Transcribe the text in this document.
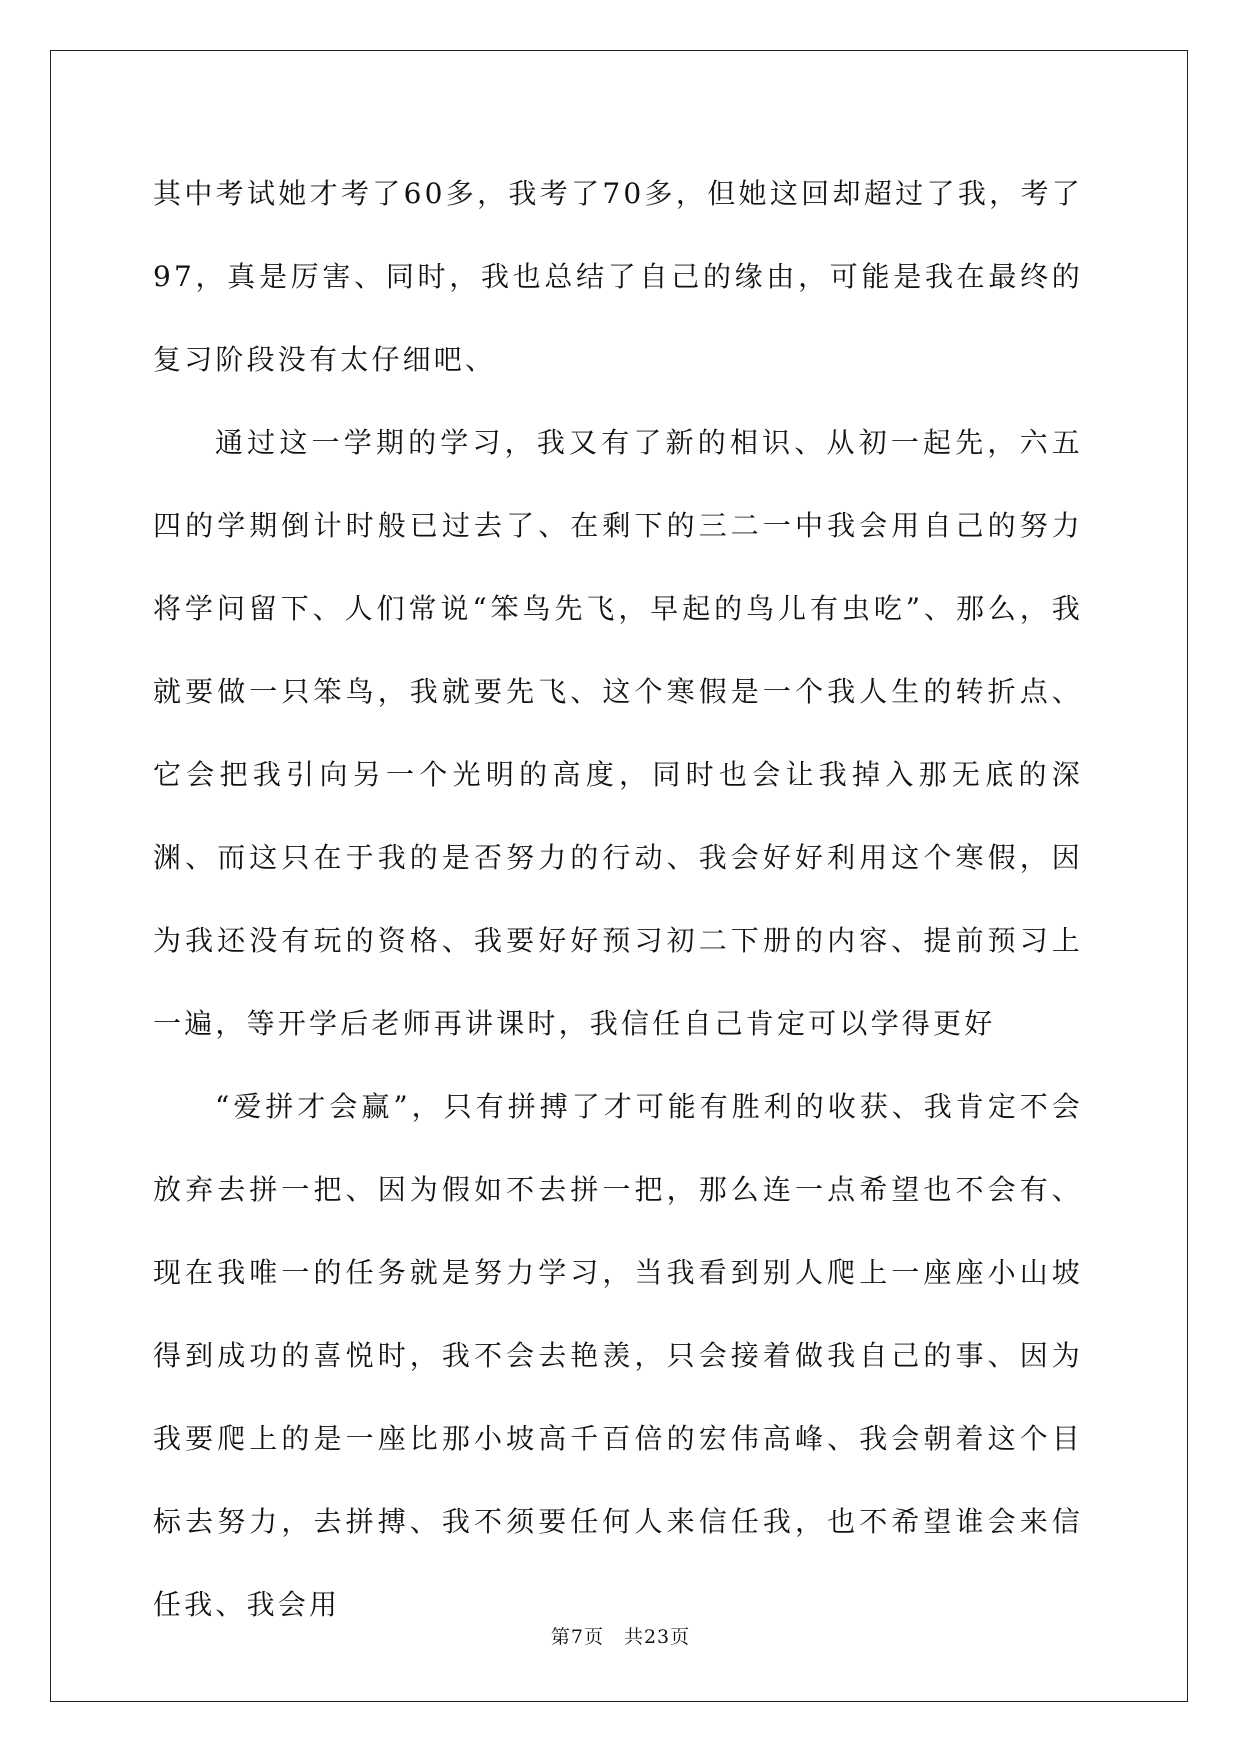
其中考试她才考了60多，我考了70多，但她这回却超过了我，考了97，真是厉害、同时，我也总结了自己的缘由，可能是我在最终的复习阶段没有太仔细吧、

通过这一学期的学习，我又有了新的相识、从初一起先，六五四的学期倒计时般已过去了、在剩下的三二一中我会用自己的努力将学问留下、人们常说“笨鸟先飞，早起的鸟儿有虫吃”、那么，我就要做一只笨鸟，我就要先飞、这个寒假是一个我人生的转折点、它会把我引向另一个光明的高度，同时也会让我掉入那无底的深渊、而这只在于我的是否努力的行动、我会好好利用这个寒假，因为我还没有玩的资格、我要好好预习初二下册的内容、提前预习上一遍，等开学后老师再讲课时，我信任自己肯定可以学得更好

“爱拼才会赢”，只有拼搏了才可能有胜利的收获、我肯定不会放弃去拼一把、因为假如不去拼一把，那么连一点希望也不会有、现在我唯一的任务就是努力学习，当我看到别人爬上一座座小山坡得到成功的喜悦时，我不会去艳羡，只会接着做我自己的事、因为我要爬上的是一座比那小坡高千百倍的宏伟高峰、我会朝着这个目标去努力，去拼搏、我不须要任何人来信任我，也不希望谁会来信任我、我会用

第7页 共23页
